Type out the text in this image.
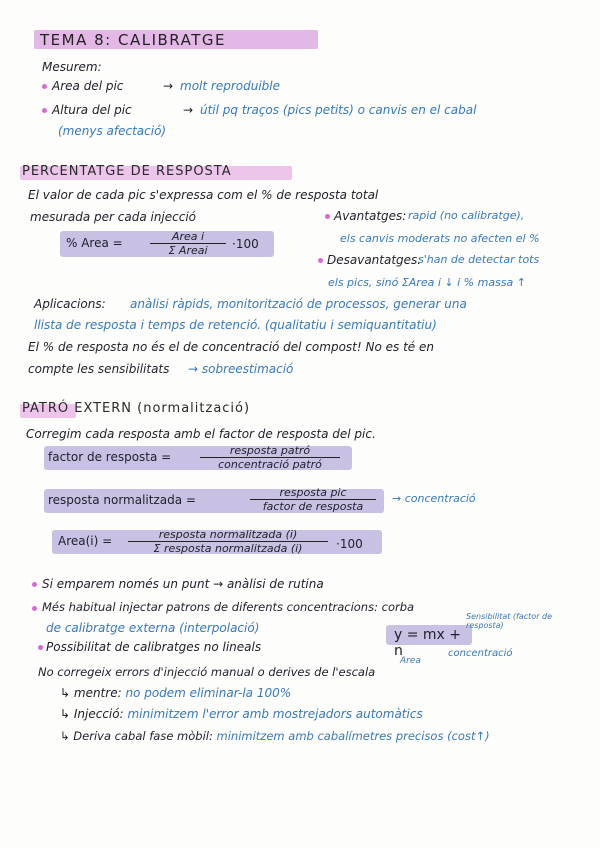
TEMA 8: CALIBRATGE
Mesurem:
Area del pic	→ molt reproduible
Altura del pic	→ útil pq traços (pics petits) o canvis en el cabal
(menys afectació)
PERCENTATGE DE RESPOSTA
El valor de cada pic s'expressa com el % de resposta total
mesurada per cada injecció
% Area =	Area i
Σ Areai	·100
Avantatges: rapid (no calibratge),
els canvis moderats no afecten el %
Desavantatges:
s'han de detectar tots
els pics, sinó ΣArea i ↓ i % massa ↑
Aplicacions: anàlisi ràpids, monitorització de processos, generar una
llista de resposta i temps de retenció. (qualitatiu i semiquantitatiu)
El % de resposta no és el de concentració del compost! No es té en
compte les sensibilitats → sobreestimació
PATRÓ EXTERN (normalització)
Corregim cada resposta amb el factor de resposta del pic.
factor de resposta =	resposta patró
concentració patró
resposta normalitzada =
resposta pic
factor de resposta
→ concentració
Area(i) =	resposta normalitzada (i)
Σ resposta normalitzada (i)	·100
Si emparem només un punt → anàlisi de rutina
Més habitual injectar patrons de diferents concentracions: corba
de calibratge externa (interpolació)
Possibilitat de calibratges no lineals
y = mx + n
Sensibilitat (factor de resposta)
concentració
Area
No corregeix errors d'injecció manual o derives de l'escala
↳ mentre: no podem eliminar-la 100%
↳ Injecció: minimitzem l'error amb mostrejadors automàtics
↳ Deriva cabal fase mòbil: minimitzem amb cabalímetres precisos (cost↑)
